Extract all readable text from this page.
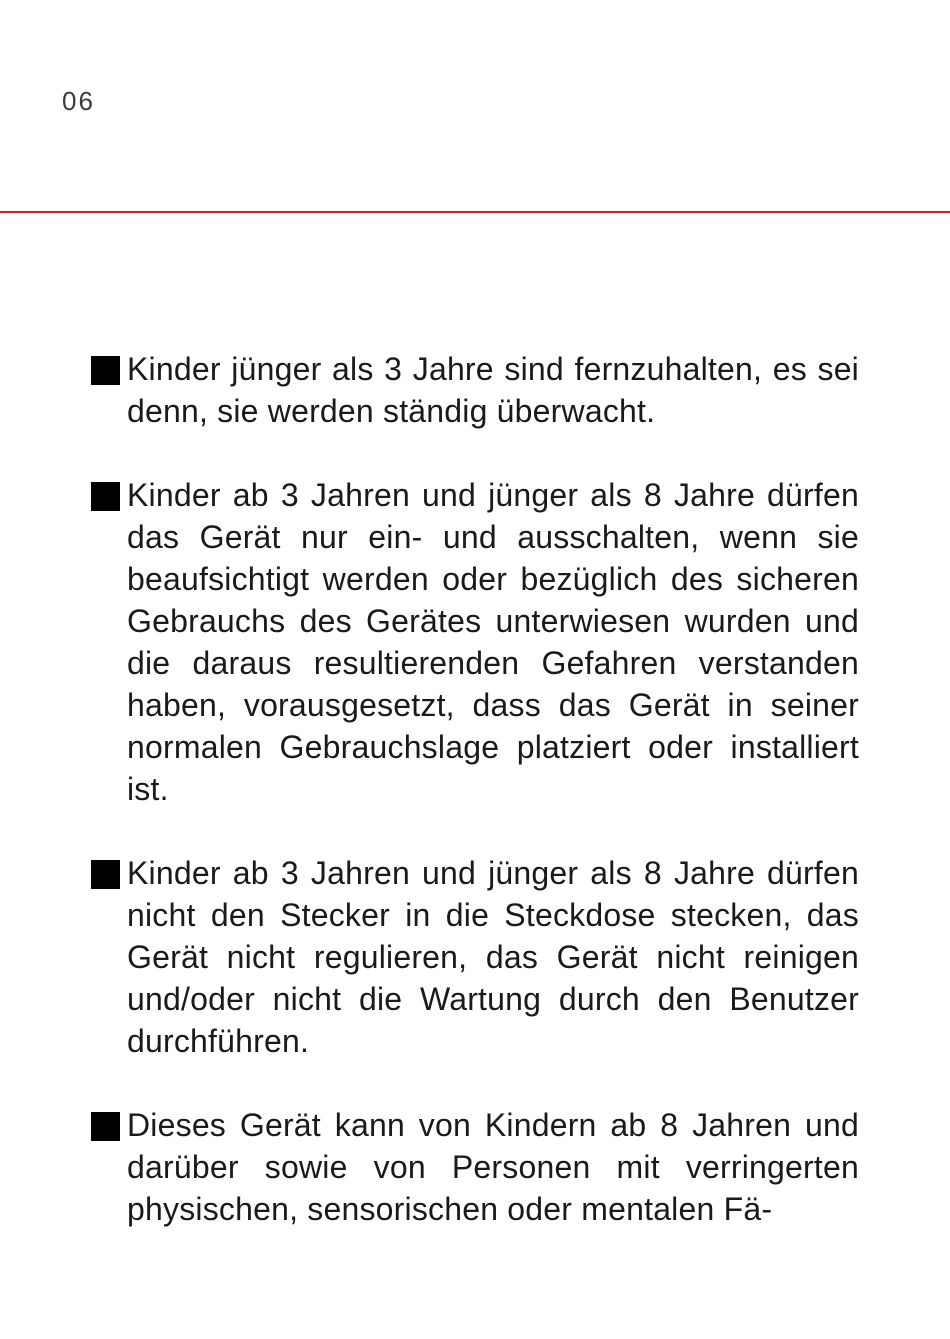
06
Kinder jünger als 3 Jahre sind fernzuhalten, es sei denn, sie werden ständig überwacht.
Kinder ab 3 Jahren und jünger als 8 Jahre dürfen das Gerät nur ein- und ausschalten, wenn sie beaufsichtigt werden oder bezüglich des sicheren Gebrauchs des Gerätes unterwiesen wurden und die daraus resultierenden Gefahren verstanden haben, vorausgesetzt, dass das Gerät in seiner normalen Gebrauchslage platziert oder installiert ist.
Kinder ab 3 Jahren und jünger als 8 Jahre dürfen nicht den Stecker in die Steckdose stecken, das Gerät nicht regulieren, das Gerät nicht reinigen und/oder nicht die Wartung durch den Benutzer durchführen.
Dieses Gerät kann von Kindern ab 8 Jahren und darüber sowie von Personen mit verringerten physischen, sensorischen oder mentalen Fä-
